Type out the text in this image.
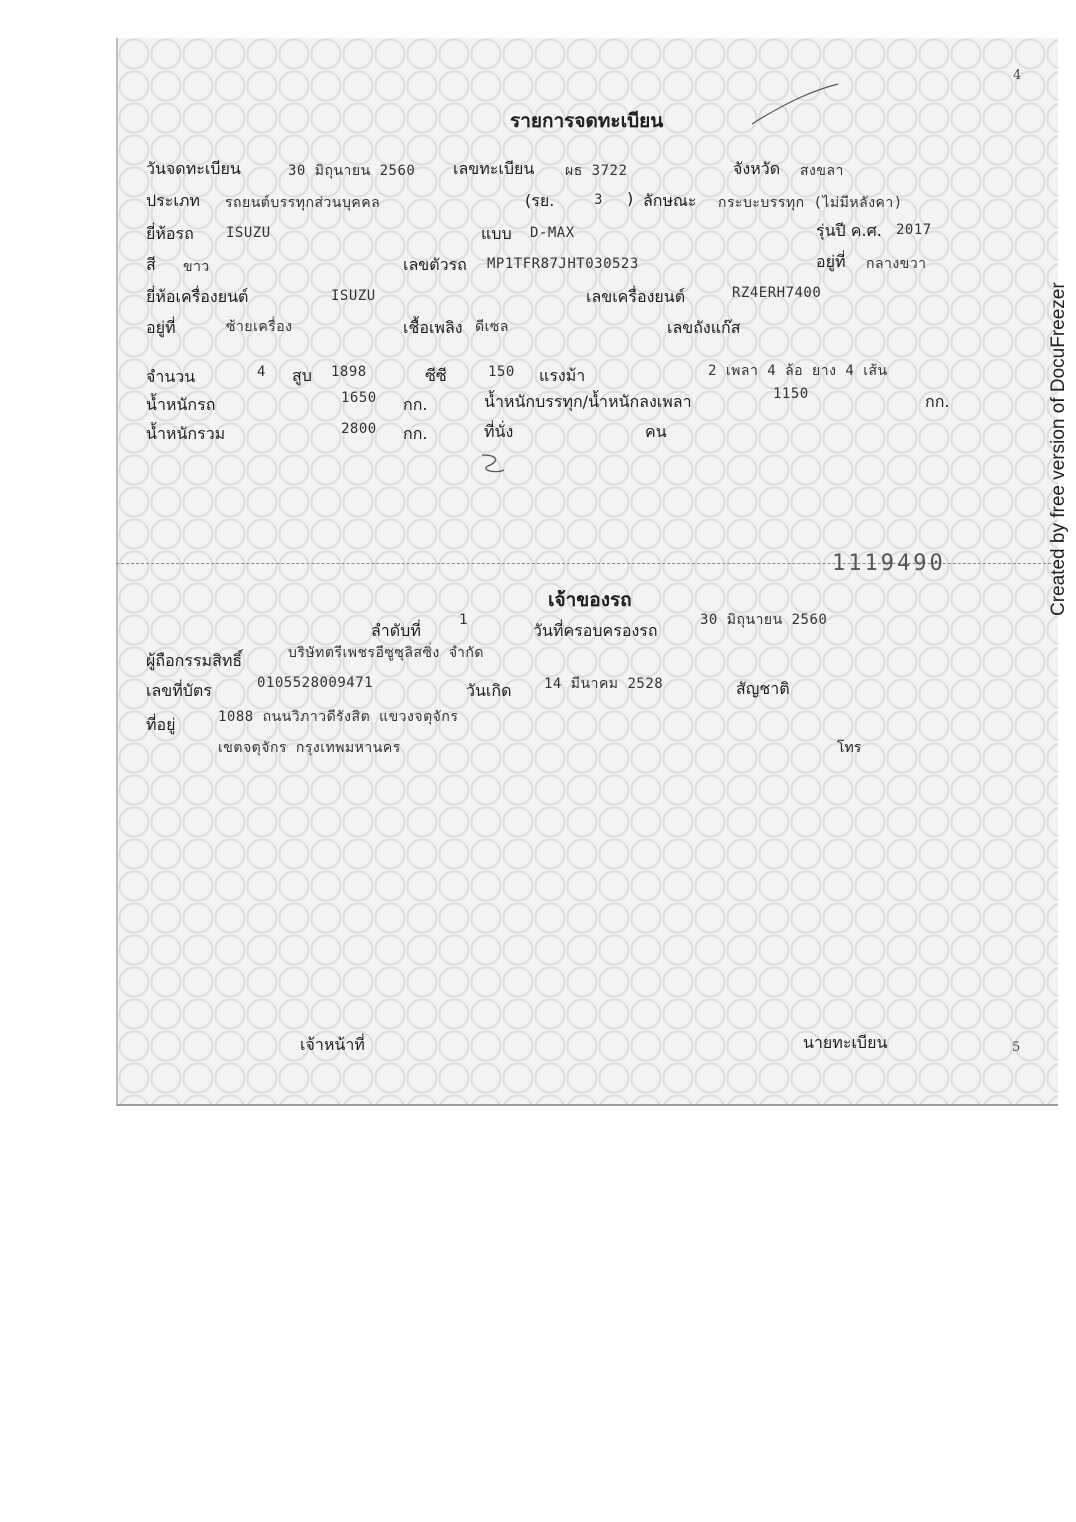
4
รายการจดทะเบียน
วันจดทะเบียน	30 มิถุนายน 2560 เลขทะเบียน ผธ 3722	จังหวัด สงขลา
ประเภท รถยนต์บรรทุกส่วนบุคคล	(รย.	3 ) ลักษณะ กระบะบรรทุก (ไม่มีหลังคา)
ยี่ห้อรถ ISUZU	แบบ D-MAX	รุ่นปี ค.ศ. 2017
สี ขาว	เลขตัวรถ MP1TFR87JHT030523	อยู่ที่ กลางขวา
ยี่ห้อเครื่องยนต์	ISUZU	เลขเครื่องยนต์	RZ4ERH7400
อยู่ที่	ซ้ายเครื่อง	เชื้อเพลิง ดีเซล	เลขถังแก๊ส
จำนวน	4 สูบ 1898	ซีซี	150 แรงม้า	2 เพลา 4 ล้อ ยาง 4 เส้น
น้ำหนักรถ	1650 กก.	น้ำหนักบรรทุก/น้ำหนักลงเพลา	1150	กก.
น้ำหนักรวม	2800 กก.	ที่นั่ง	คน
1119490
เจ้าของรถ
ลำดับที่
1
วันที่ครอบครองรถ
30 มิถุนายน 2560
ผู้ถือกรรมสิทธิ์	บริษัทตรีเพชรอีซูซุลิสซิ่ง จำกัด
เลขที่บัตร	0105528009471	วันเกิด 14 มีนาคม 2528	สัญชาติ
ที่อยู่	1088 ถนนวิภาวดีรังสิต แขวงจตุจักร
เขตจตุจักร กรุงเทพมหานคร	โทร
เจ้าหน้าที่	นายทะเบียน	5
Created by free version of DocuFreezer
